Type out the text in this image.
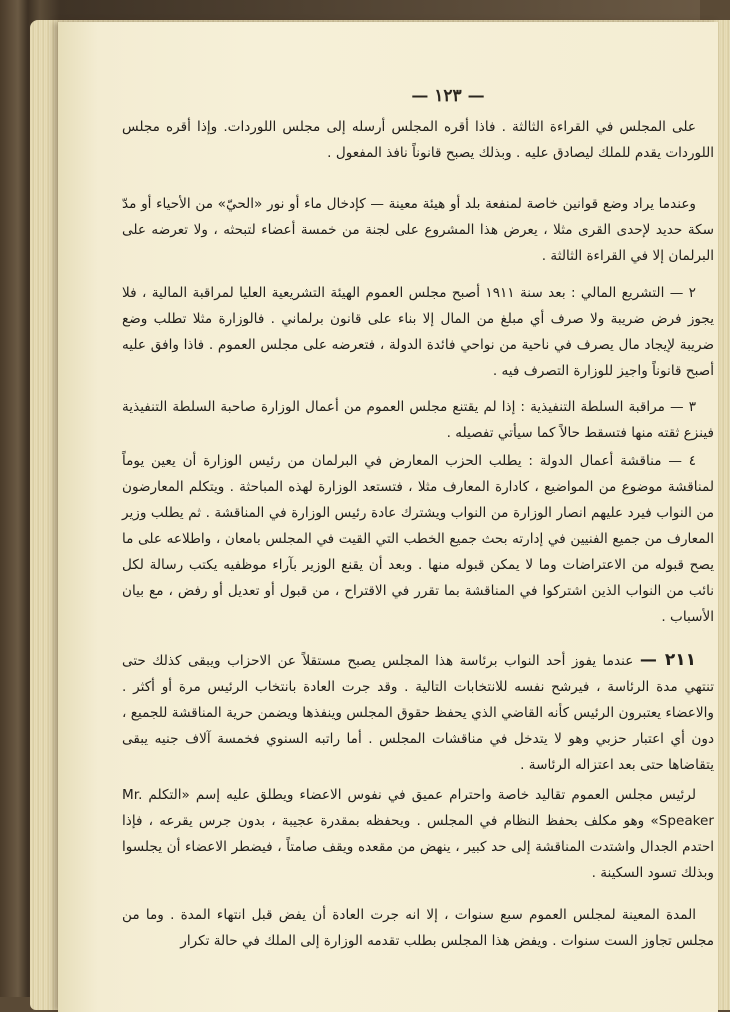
— ١٢٣ —

على المجلس في القراءة الثالثة . فاذا أقره المجلس أرسله إلى مجلس اللوردات. وإذا أقره مجلس اللوردات يقدم للملك ليصادق عليه . وبذلك يصبح قانوناً نافذ المفعول .

وعندما يراد وضع قوانين خاصة لمنفعة بلد أو هيئة معينة — كإدخال ماء أو نور «الحيّ» من الأحياء أو مدّ سكة حديد لإحدى القرى مثلا ، يعرض هذا المشروع على لجنة من خمسة أعضاء لتبحثه ، ولا تعرضه على البرلمان إلا في القراءة الثالثة .

٢ — التشريع المالي : بعد سنة ١٩١١ أصبح مجلس العموم الهيئة التشريعية العليا لمراقبة المالية ، فلا يجوز فرض ضريبة ولا صرف أي مبلغ من المال إلا بناء على قانون برلماني . فالوزارة مثلا تطلب وضع ضريبة لإيجاد مال يصرف في ناحية من نواحي فائدة الدولة ، فتعرضه على مجلس العموم . فاذا وافق عليه أصبح قانوناً واجيز للوزارة التصرف فيه .

٣ — مراقبة السلطة التنفيذية : إذا لم يقتنع مجلس العموم من أعمال الوزارة صاحبة السلطة التنفيذية فينزع ثقته منها فتسقط حالاً كما سيأتي تفصيله .

٤ — مناقشة أعمال الدولة : يطلب الحزب المعارض في البرلمان من رئيس الوزارة أن يعين يوماً لمناقشة موضوع من المواضيع ، كادارة المعارف مثلا ، فتستعد الوزارة لهذه المباحثة . ويتكلم المعارضون من النواب فيرد عليهم انصار الوزارة من النواب ويشترك عادة رئيس الوزارة في المناقشة . ثم يطلب وزير المعارف من جميع الفنيين في إدارته بحث جميع الخطب التي القيت في المجلس بامعان ، واطلاعه على ما يصح قبوله من الاعتراضات وما لا يمكن قبوله منها . وبعد أن يقنع الوزير بآراء موظفيه يكتب رسالة لكل نائب من النواب الذين اشتركوا في المناقشة بما تقرر في الاقتراح ، من قبول أو تعديل أو رفض ، مع بيان الأسباب .

٢١١ — عندما يفوز أحد النواب برئاسة هذا المجلس يصبح مستقلاً عن الاحزاب ويبقى كذلك حتى تنتهي مدة الرئاسة ، فيرشح نفسه للانتخابات التالية . وقد جرت العادة بانتخاب الرئيس مرة أو أكثر . والاعضاء يعتبرون الرئيس كأنه القاضي الذي يحفظ حقوق المجلس وينفذها ويضمن حرية المناقشة للجميع ، دون أي اعتبار حزبي وهو لا يتدخل في مناقشات المجلس . أما راتبه السنوي فخمسة آلاف جنيه يبقى يتقاضاها حتى بعد اعتزاله الرئاسة .

لرئيس مجلس العموم تقاليد خاصة واحترام عميق في نفوس الاعضاء ويطلق عليه إسم «التكلم Mr. Speaker» وهو مكلف بحفظ النظام في المجلس . ويحفظه بمقدرة عجيبة ، بدون جرس يقرعه ، فإذا احتدم الجدال واشتدت المناقشة إلى حد كبير ، ينهض من مقعده ويقف صامتاً ، فيضطر الاعضاء أن يجلسوا وبذلك تسود السكينة .

المدة المعينة لمجلس العموم سبع سنوات ، إلا انه جرت العادة أن يفض قبل انتهاء المدة . وما من مجلس تجاوز الست سنوات . ويفض هذا المجلس بطلب تقدمه الوزارة إلى الملك في حالة تكرار
